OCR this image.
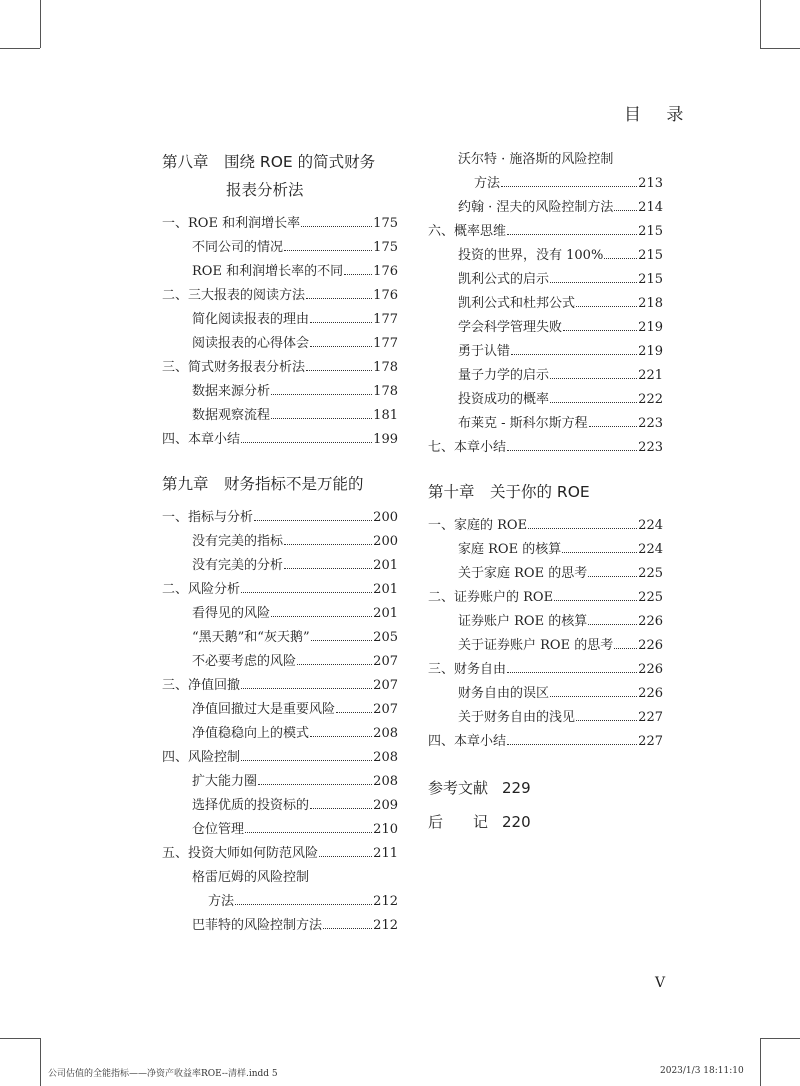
目 录
第八章　围绕 ROE 的简式财务
报表分析法
一、ROE 和利润增长率	175
不同公司的情况	175
ROE 和利润增长率的不同 176
二、三大报表的阅读方法	176
简化阅读报表的理由	177
阅读报表的心得体会	177
三、简式财务报表分析法	178
数据来源分析	178
数据观察流程	181
四、本章小结	199
第九章　财务指标不是万能的
一、指标与分析	200
没有完美的指标	200
没有完美的分析	201
二、风险分析	201
看得见的风险	201
“黑天鹅”和“灰天鹅”	205
不必要考虑的风险	207
三、净值回撤	207
净值回撤过大是重要风险	207
净值稳稳向上的模式	208
四、风险控制	208
扩大能力圈	208
选择优质的投资标的	209
仓位管理	210
五、投资大师如何防范风险	211
格雷厄姆的风险控制
方法	212
巴菲特的风险控制方法	212
沃尔特 · 施洛斯的风险控制
方法	213
约翰 · 涅夫的风险控制方法 214
六、概率思维	215
投资的世界，没有 100%	215
凯利公式的启示	215
凯利公式和杜邦公式	218
学会科学管理失败	219
勇于认错	219
量子力学的启示	221
投资成功的概率	222
布莱克 - 斯科尔斯方程	223
七、本章小结	223
第十章　关于你的 ROE
一、家庭的 ROE	224
家庭 ROE 的核算	224
关于家庭 ROE 的思考	225
二、证券账户的 ROE	225
证券账户 ROE 的核算	226
关于证券账户 ROE 的思考 226
三、财务自由	226
财务自由的误区	226
关于财务自由的浅见	227
四、本章小结	227
参考文献 229
后　　记 220
V
公司估值的全能指标——净资产收益率ROE--清样.indd 5	2023/1/3 18:11:10
